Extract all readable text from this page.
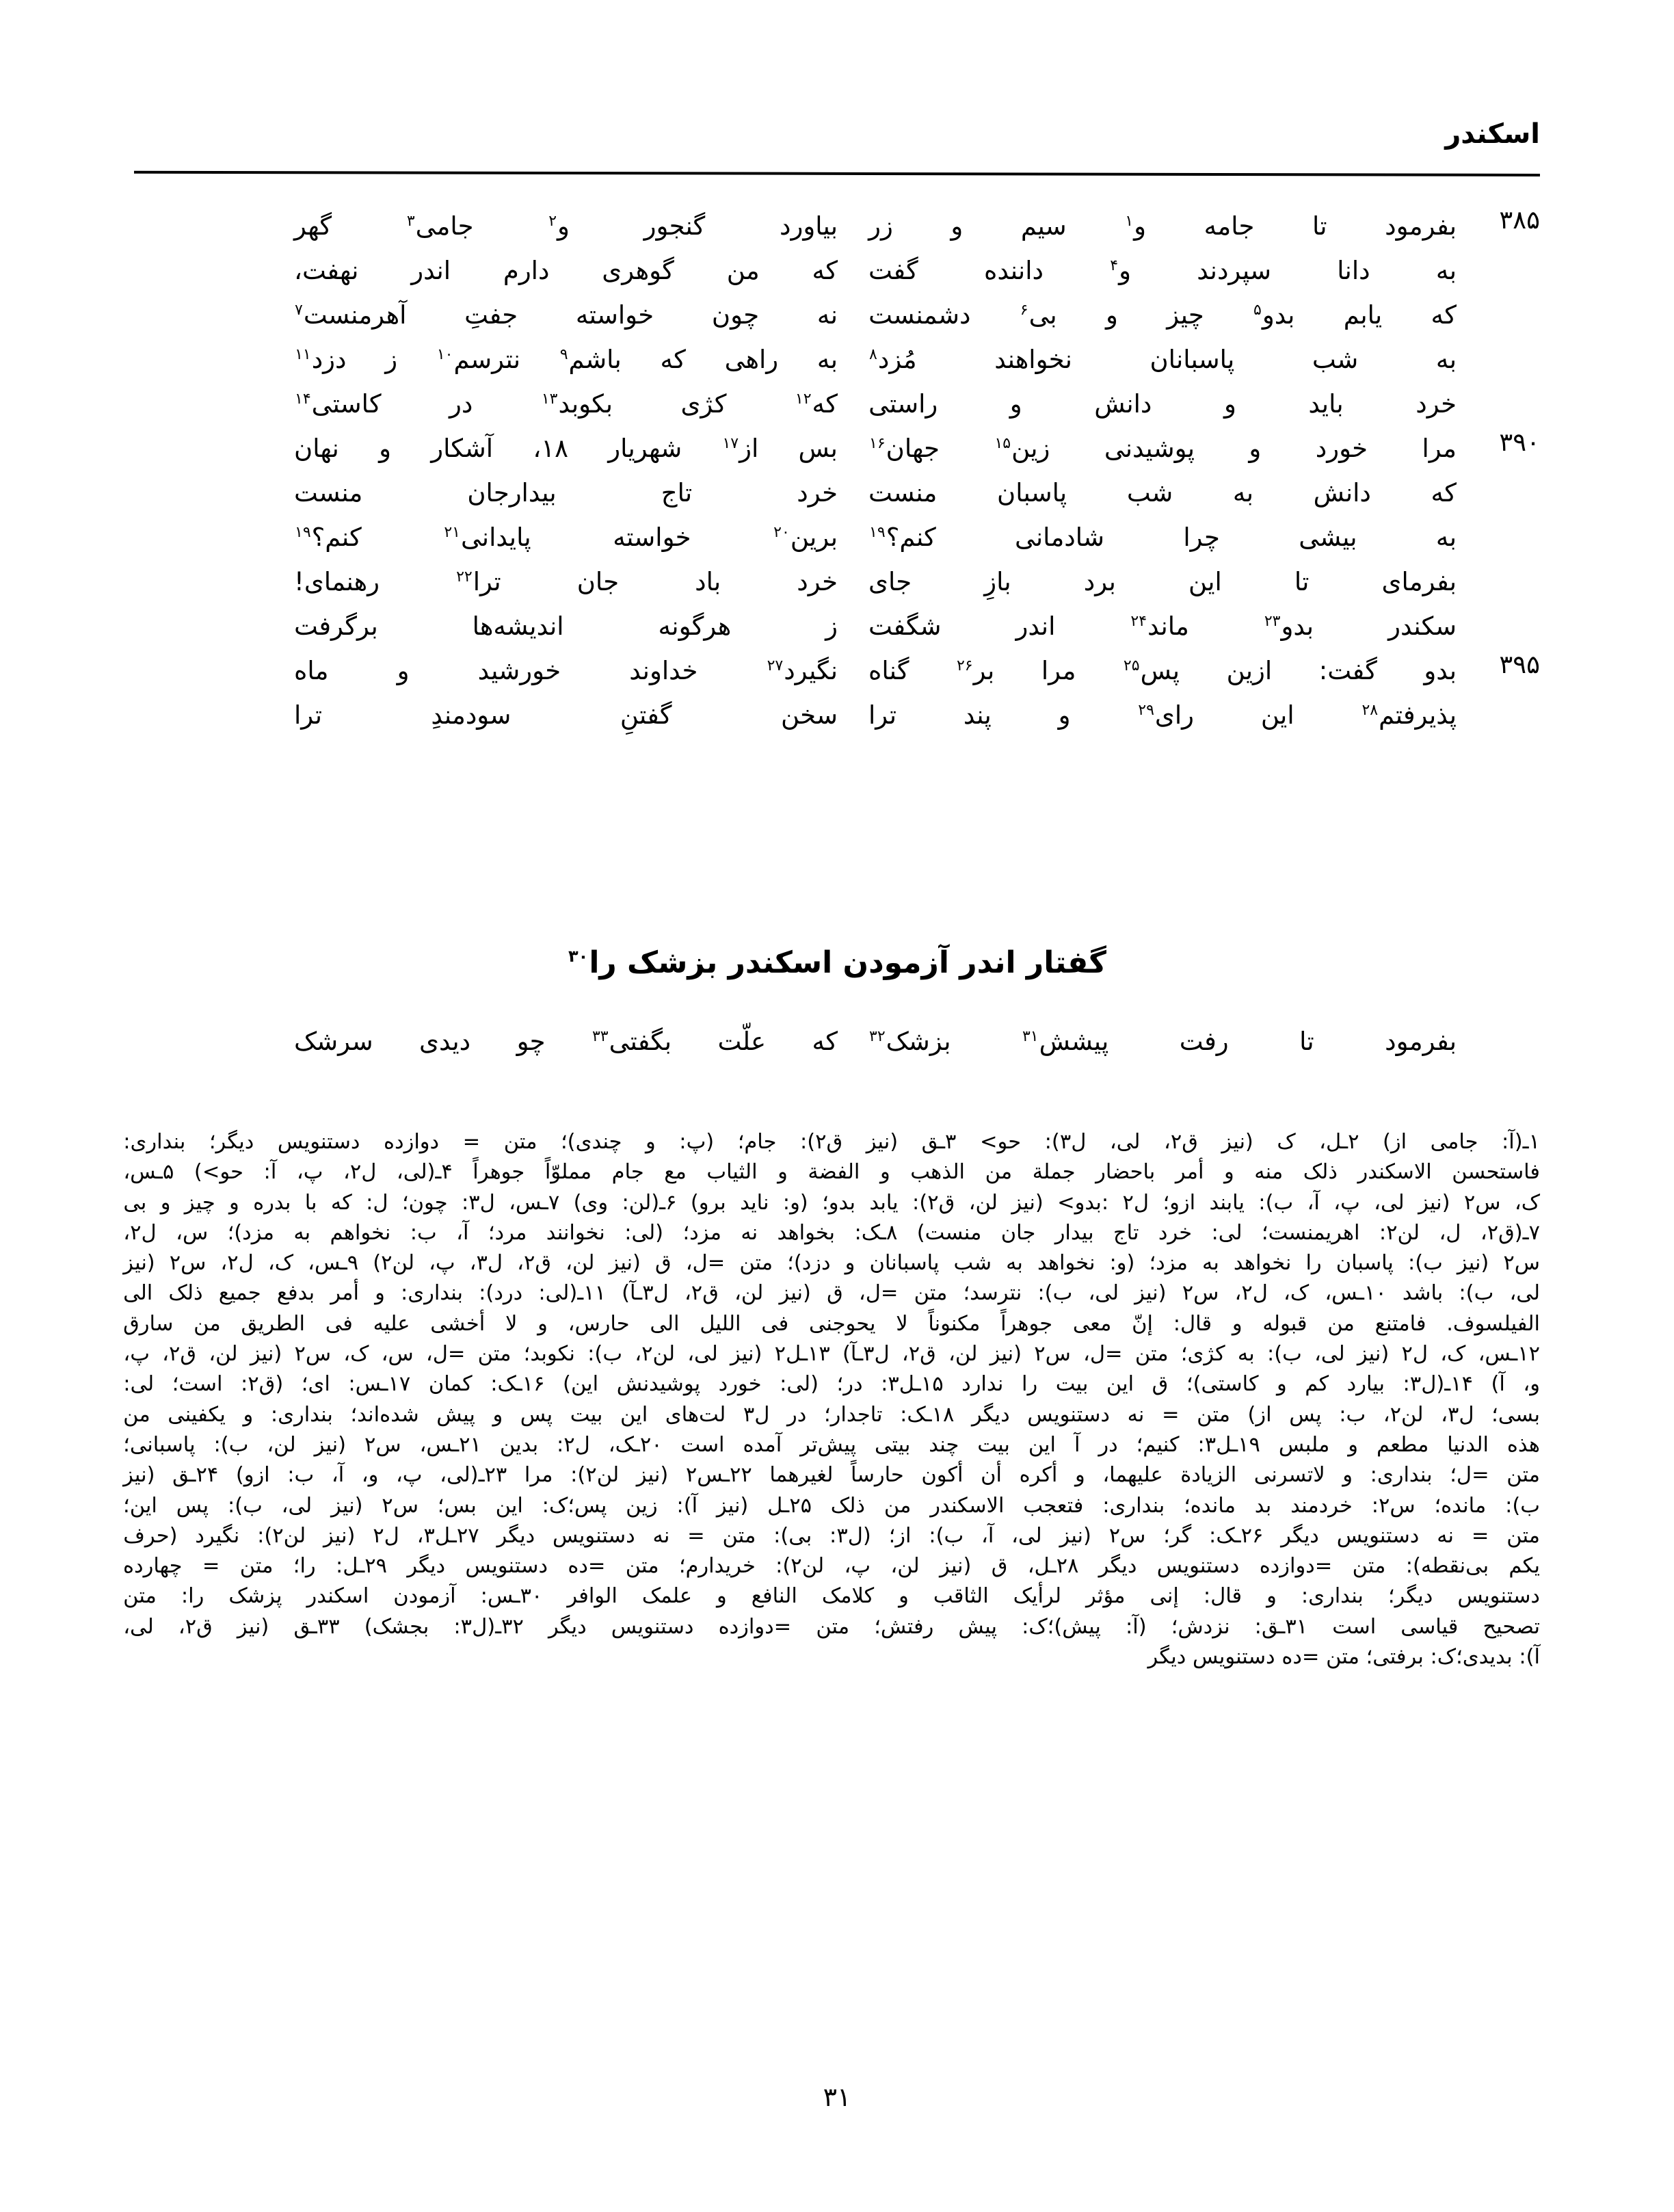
اسکندر
۳۸۵
بفرمود
تا
جامه
و$^۱$
سیم
و
زر
بیاورد
گنجور
و$^۲$
جامی$^۳$
گهر
به
دانا
سپردند
و$^۴$
داننده
گفت
که
من
گوهری
دارم
اندر
نهفت،
که
یابم
بدو$^۵$
چیز
و
بی$^۶$
دشمنست
نه
چون
خواسته
جفتِ
آهرمنست$^۷$
به
شب
پاسبانان
نخواهند
مُزد$^۸$
به
راهی
که
باشم$^۹$
نترسم$^{۱۰}$
ز
دزد$^{۱۱}$
خرد
باید
و
دانش
و
راستی
که$^{۱۲}$
کژی
بکوبد$^{۱۳}$
در
کاستی$^{۱۴}$
۳۹۰
مرا
خورد
و
پوشیدنی
زین$^{۱۵}$
جهان$^{۱۶}$
بس
از$^{۱۷}$
شهریار
۱۸،
آشکار
و
نهان
که
دانش
به
شب
پاسبان
منست
خرد
تاج
بیدارجان
منست
به
بیشی
چرا
شادمانی
کنم؟$^{۱۹}$
برین$^{۲۰}$
خواسته
پایدانی$^{۲۱}$
کنم؟$^{۱۹}$
بفرمای
تا
این
برد
بازِ
جای
خرد
باد
جان
ترا$^{۲۲}$
رهنمای!
سکندر
بدو$^{۲۳}$
ماند$^{۲۴}$
اندر
شگفت
ز
هرگونه
اندیشه‌ها
برگرفت
۳۹۵
بدو
گفت:
ازین
پس$^{۲۵}$
مرا
بر$^{۲۶}$
گناه
نگیرد$^{۲۷}$
خداوند
خورشید
و
ماه
پذیرفتم$^{۲۸}$
این
رای$^{۲۹}$
و
پند
ترا
سخن
گفتنِ
سودمندِ
ترا
گفتار اندر آزمودن اسکندر بزشک را$^{۳۰}$
بفرمود
تا
رفت
پیشش$^{۳۱}$
بزشک$^{۳۲}$
که
علّت
بگفتی$^{۳۳}$
چو
دیدی
سرشک
۱ـ(آ:
جامی
از)
۲ـل،
ک
(نیز
ق۲،
لی،
ل۳):
حو>
۳ـق
(نیز
ق۲):
جام؛
(پ:
و
چندی)؛
متن
=
دوازده
دستنویس
دیگر؛
بنداری:
فاستحسن
الاسکندر
ذلک
منه
و
أمر
باحضار
جملة
من
الذهب
و
الفضة
و
الثیاب
مع
جام
مملوّاً
جوهراً
۴ـ(لی،
ل۲،
پ،
آ:
حو>)
۵ـس،
ک،
س۲
(نیز
لی،
پ،
آ،
ب):
یابند
ازو؛
ل۲
:بدو>
(نیز
لن،
ق۲):
یابد
بدو؛
(و:
ناید
برو)
۶ـ(لن:
وی)
۷ـس،
ل۳:
چون؛
ل:
که
با
بدره
و
چیز
و
بی
۷ـ(ق۲،
ل،
لن۲:
اهریمنست؛
لی:
خرد
تاج
بیدار
جان
منست)
۸ـک:
بخواهد
نه
مزد؛
(لی:
نخوانند
مرد؛
آ،
ب:
نخواهم
به
مزد)؛
س،
ل۲،
س۲
(نیز
ب):
پاسبان
را
نخواهد
به
مزد؛
(و:
نخواهد
به
شب
پاسبانان
و
دزد)؛
متن
=ل،
ق
(نیز
لن،
ق۲،
ل۳،
پ،
لن۲)
۹ـس،
ک،
ل۲،
س۲
(نیز
لی،
ب):
باشد
۱۰ـس،
ک،
ل۲،
س۲
(نیز
لی،
ب):
نترسد؛
متن
=ل،
ق
(نیز
لن،
ق۲،
ل۳ـآ)
۱۱ـ(لی:
درد):
بنداری:
و
أمر
بدفع
جمیع
ذلک
الی
الفیلسوف.
فامتنع
من
قبوله
و
قال:
إنّ
معی
جوهراً
مکنوناً
لا
یحوجنی
فی
اللیل
الی
حارس،
و
لا
أخشی
علیه
فی
الطریق
من
سارق
۱۲ـس،
ک،
ل۲
(نیز
لی،
ب):
به
کژی؛
متن
=ل،
س۲
(نیز
لن،
ق۲،
ل۳ـآ)
۱۳ـل۲
(نیز
لی،
لن۲،
ب):
نکوبد؛
متن
=ل،
س،
ک،
س۲
(نیز
لن،
ق۲،
پ،
و،
آ)
۱۴ـ(ل۳:
بیارد
کم
و
کاستی)؛
ق
این
بیت
را
ندارد
۱۵ـل۳:
در؛
(لی:
خورد
پوشیدنش
این)
۱۶ـک:
کمان
۱۷ـس:
ای؛
(ق۲:
است؛
لی:
بسی؛
ل۳،
لن۲،
ب:
پس
از)
متن
=
نه
دستنویس
دیگر
۱۸ـک:
تاجدار؛
در
ل۳
لت‌های
این
بیت
پس
و
پیش
شده‌اند؛
بنداری:
و
یکفینی
من
هذه
الدنیا
مطعم
و
ملبس
۱۹ـل۳:
کنیم؛
در
آ
این
بیت
چند
بیتی
پیش‌تر
آمده
است
۲۰ـک،
ل۲:
بدین
۲۱ـس،
س۲
(نیز
لن،
ب):
پاسبانی؛
متن
=ل؛
بنداری:
و
لاتسرنی
الزیادة
علیهما،
و
أکره
أن
أکون
حارساً
لغیرهما
۲۲ـس۲
(نیز
لن۲):
مرا
۲۳ـ(لی،
پ،
و،
آ،
ب:
ازو)
۲۴ـق
(نیز
ب):
مانده؛
س۲:
خردمند
بد
مانده؛
بنداری:
فتعجب
الاسکندر
من
ذلک
۲۵ـل
(نیز
آ):
زین
پس؛ک:
این
بس؛
س۲
(نیز
لی،
ب):
پس
این؛
متن
=
نه
دستنویس
دیگر
۲۶ـک:
گر؛
س۲
(نیز
لی،
آ،
ب):
از؛
(ل۳:
بی):
متن
=
نه
دستنویس
دیگر
۲۷ـل۳،
ل۲
(نیز
لن۲):
نگیرد
(حرف
یکم
بی‌نقطه):
متن
=دوازده
دستنویس
دیگر
۲۸ـل،
ق
(نیز
لن،
پ،
لن۲):
خریدارم؛
متن
=ده
دستنویس
دیگر
۲۹ـل:
را؛
متن
=
چهارده
دستنویس
دیگر؛
بنداری:
و
قال:
إنی
مؤثر
لرأیک
الثاقب
و
کلامک
النافع
و
علمک
الوافر
۳۰ـس:
آزمودن
اسکندر
پزشک
را:
متن
تصحیح
قیاسی
است
۳۱ـق:
نزدش؛
(آ:
پیش)؛ک:
پیش
رفتش؛
متن
=دوازده
دستنویس
دیگر
۳۲ـ(ل۳:
بجشک)
۳۳ـق
(نیز
ق۲،
لی،
آ): بدیدی؛ک: برفتی؛ متن =ده دستنویس دیگر
۳۱
